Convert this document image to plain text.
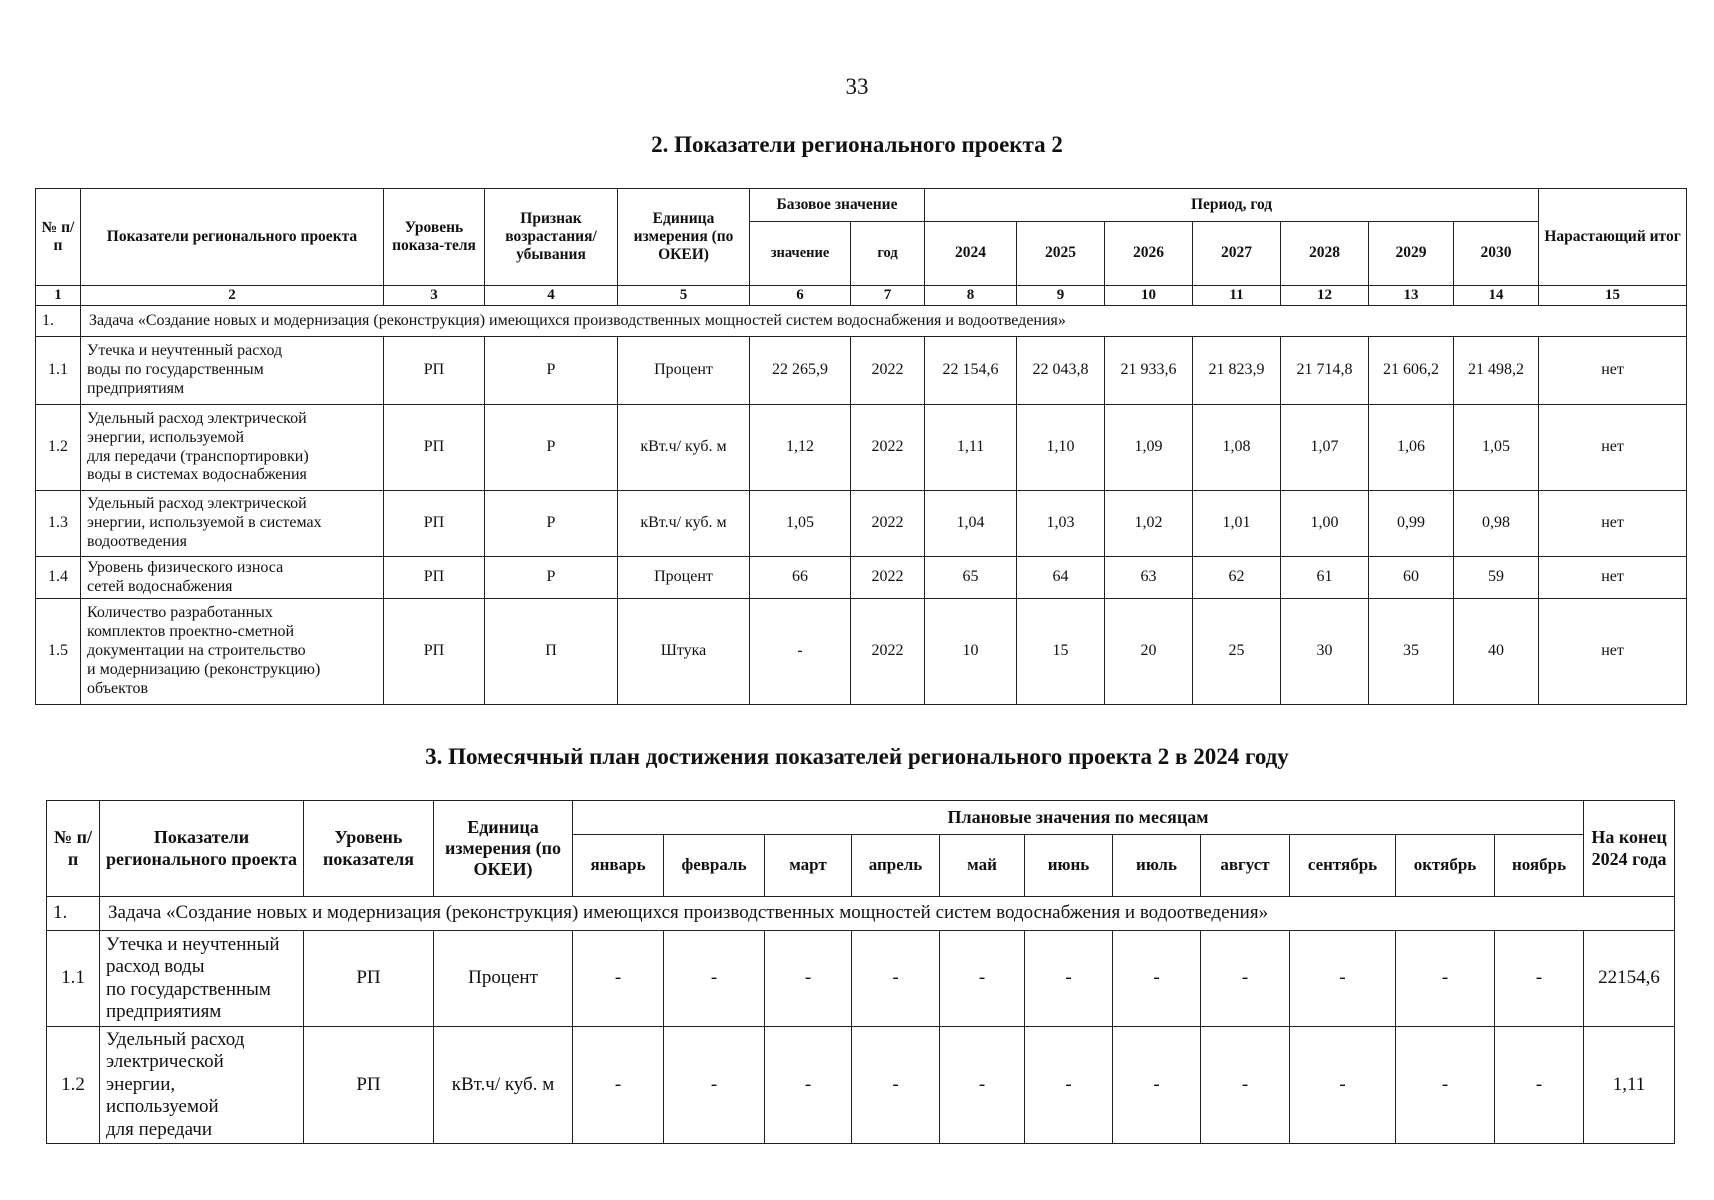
33
2. Показатели регионального проекта 2
№ п/п	Показатели регионального проекта	Уровень показа-теля	Признак возрастания/ убывания	Единица измерения (по ОКЕИ)	Базовое значение		Период, год							Нарастающий итог
					значение	год	2024	2025	2026	2027	2028	2029	2030	
1	2	3	4	5	6	7	8	9	10	11	12	13	14	15
1.	Задача «Создание новых и модернизация (реконструкция) имеющихся производственных мощностей систем водоснабжения и водоотведения»													
1.1	Утечка и неучтенный расход
воды по государственным
предприятиям	РП	Р	Процент	22 265,9	2022	22 154,6	22 043,8	21 933,6	21 823,9	21 714,8	21 606,2	21 498,2	нет
1.2	Удельный расход электрической
энергии, используемой
для передачи (транспортировки)
воды в системах водоснабжения	РП	Р	кВт.ч/ куб. м	1,12	2022	1,11	1,10	1,09	1,08	1,07	1,06	1,05	нет
1.3	Удельный расход электрической
энергии, используемой в системах
водоотведения	РП	Р	кВт.ч/ куб. м	1,05	2022	1,04	1,03	1,02	1,01	1,00	0,99	0,98	нет
1.4	Уровень физического износа
сетей водоснабжения	РП	Р	Процент	66	2022	65	64	63	62	61	60	59	нет
1.5	Количество разработанных
комплектов проектно-сметной
документации на строительство
и модернизацию (реконструкцию)
объектов	РП	П	Штука	-	2022	10	15	20	25	30	35	40	нет
3. Помесячный план достижения показателей регионального проекта 2 в 2024 году
№ п/п	Показатели регионального проекта	Уровень показателя	Единица измерения (по ОКЕИ)	Плановые значения по месяцам											На конец 2024 года
				январь	февраль	март	апрель	май	июнь	июль	август	сентябрь	октябрь	ноябрь	
1.	Задача «Создание новых и модернизация (реконструкция) имеющихся производственных мощностей систем водоснабжения и водоотведения»														
1.1	Утечка и неучтенный
расход воды
по государственным
предприятиям	РП	Процент	-	-	-	-	-	-	-	-	-	-	-	22154,6
1.2	Удельный расход
электрической
энергии,
используемой
для передачи	РП	кВт.ч/ куб. м	-	-	-	-	-	-	-	-	-	-	-	1,11
